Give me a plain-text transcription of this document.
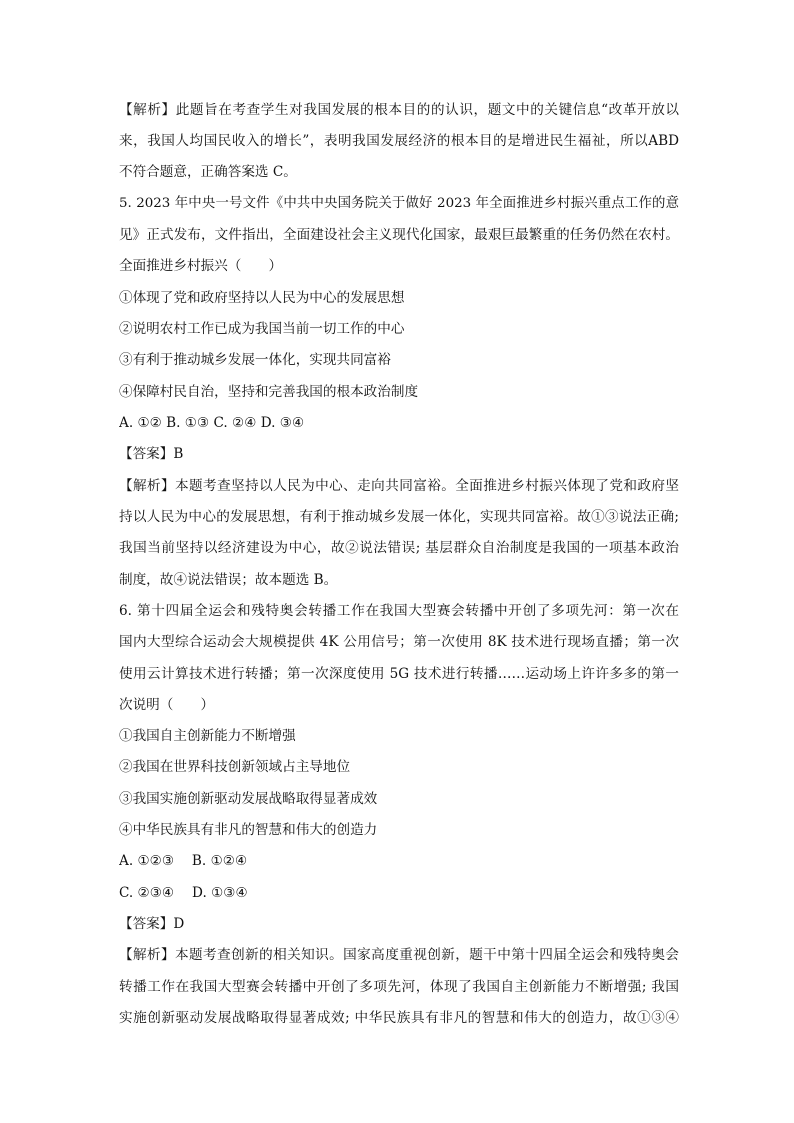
【解析】此题旨在考查学生对我国发展的根本目的的认识，题文中的关键信息“改革开放以
来，我国人均国民收入的增长”，表明我国发展经济的根本目的是增进民生福祉，所以ABD
不符合题意，正确答案选 C。
5. 2023 年中央一号文件《中共中央国务院关于做好 2023 年全面推进乡村振兴重点工作的意
见》正式发布，文件指出，全面建设社会主义现代化国家，最艰巨最繁重的任务仍然在农村。
全面推进乡村振兴（　　）
①体现了党和政府坚持以人民为中心的发展思想
②说明农村工作已成为我国当前一切工作的中心
③有利于推动城乡发展一体化，实现共同富裕
④保障村民自治，坚持和完善我国的根本政治制度
A. ①② B. ①③ C. ②④ D. ③④
【答案】B
【解析】本题考查坚持以人民为中心、走向共同富裕。全面推进乡村振兴体现了党和政府坚
持以人民为中心的发展思想，有利于推动城乡发展一体化，实现共同富裕。故①③说法正确;
我国当前坚持以经济建设为中心，故②说法错误; 基层群众自治制度是我国的一项基本政治
制度，故④说法错误；故本题选 B。
6. 第十四届全运会和残特奥会转播工作在我国大型赛会转播中开创了多项先河：第一次在
国内大型综合运动会大规模提供 4K 公用信号；第一次使用 8K 技术进行现场直播；第一次
使用云计算技术进行转播；第一次深度使用 5G 技术进行转播……运动场上许许多多的第一
次说明（　　）
①我国自主创新能力不断增强
②我国在世界科技创新领域占主导地位
③我国实施创新驱动发展战略取得显著成效
④中华民族具有非凡的智慧和伟大的创造力
A. ①②③　 B. ①②④
C. ②③④　 D. ①③④
【答案】D
【解析】本题考查创新的相关知识。国家高度重视创新，题干中第十四届全运会和残特奥会
转播工作在我国大型赛会转播中开创了多项先河，体现了我国自主创新能力不断增强; 我国
实施创新驱动发展战略取得显著成效; 中华民族具有非凡的智慧和伟大的创造力，故①③④
